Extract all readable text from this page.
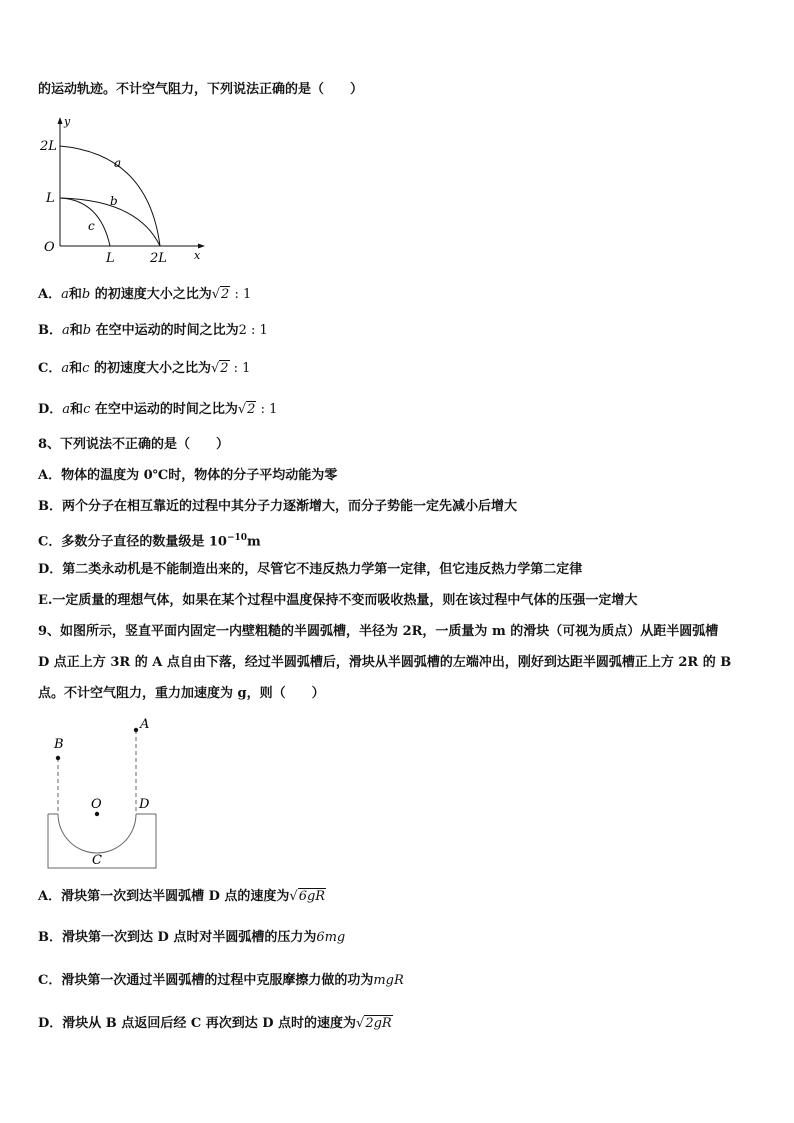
的运动轨迹。不计空气阻力，下列说法正确的是（　　）
y
x
O
2L
L
L	2L
a
b
c
A．a和b 的初速度大小之比为√2 : 1
B．a和b 在空中运动的时间之比为2 : 1
C．a和c 的初速度大小之比为√2 : 1
D．a和c 在空中运动的时间之比为√2 : 1
8、下列说法不正确的是（　　）
A．物体的温度为 0℃时，物体的分子平均动能为零
B．两个分子在相互靠近的过程中其分子力逐渐增大，而分子势能一定先减小后增大
C．多数分子直径的数量级是 $10^{-10}m$
D．第二类永动机是不能制造出来的，尽管它不违反热力学第一定律，但它违反热力学第二定律
E.一定质量的理想气体，如果在某个过程中温度保持不变而吸收热量，则在该过程中气体的压强一定增大
9、如图所示，竖直平面内固定一内壁粗糙的半圆弧槽，半径为 2R，一质量为 m 的滑块（可视为质点）从距半圆弧槽
D 点正上方 3R 的 A 点自由下落，经过半圆弧槽后，滑块从半圆弧槽的左端冲出，刚好到达距半圆弧槽正上方 2R 的 B
点。不计空气阻力，重力加速度为 g，则（　　）
B
A
O	D
C
A．滑块第一次到达半圆弧槽 D 点的速度为√6gR
B．滑块第一次到达 D 点时对半圆弧槽的压力为6mg
C．滑块第一次通过半圆弧槽的过程中克服摩擦力做的功为mgR
D．滑块从 B 点返回后经 C 再次到达 D 点时的速度为√2gR
